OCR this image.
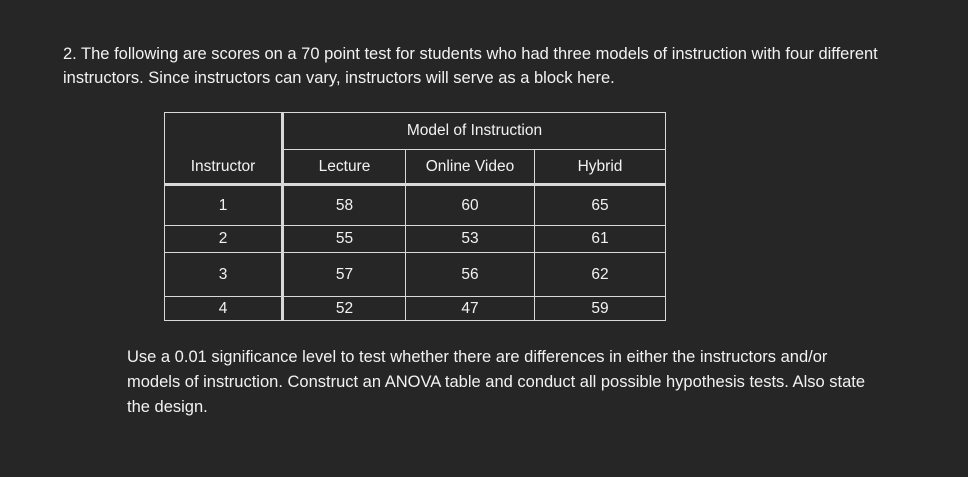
2. The following are scores on a 70 point test for students who had three models of instruction with four different instructors. Since instructors can vary, instructors will serve as a block here.

Model of Instruction
Instructor	Lecture	Online Video	Hybrid
1	58	60	65
2	55	53	61
3	57	56	62
4	52	47	59

Use a 0.01 significance level to test whether there are differences in either the instructors and/or models of instruction. Construct an ANOVA table and conduct all possible hypothesis tests. Also state the design.
